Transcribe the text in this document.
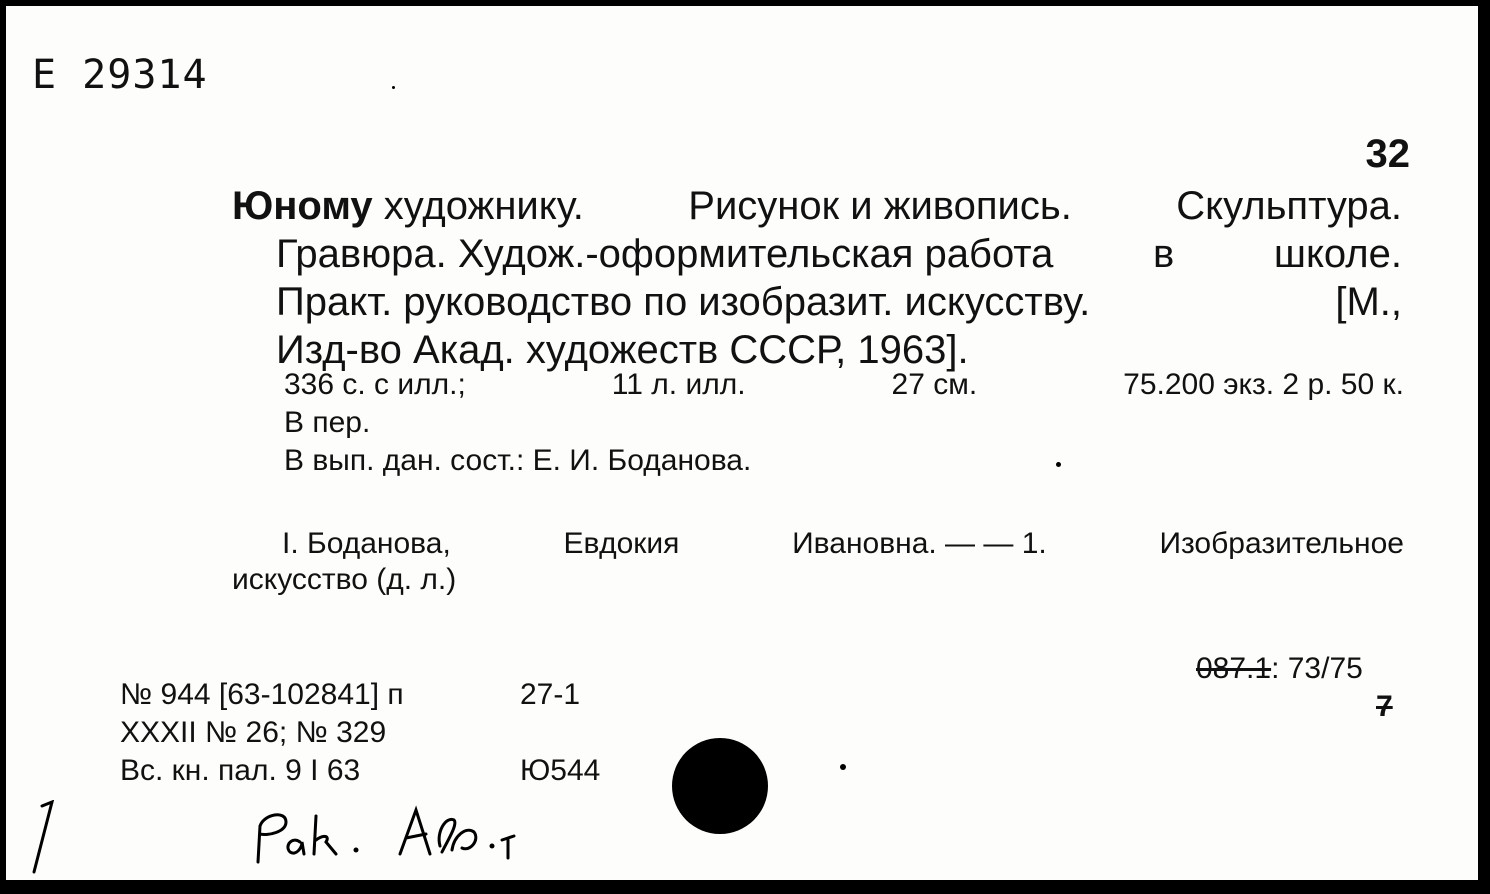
Е 29314
32
Юному художнику.	Рисунок и живопись.	Скульптура.
Гравюра. Худож.-оформительская работа в школе.
Практ. руководство по изобразит. искусству.	[М.,
Изд-во Акад. художеств СССР, 1963].
336 с. с илл.;	11 л. илл.	27 см.	75.200 экз. 2 р. 50 к.
В пер.
В вып. дан. сост.: Е. И. Боданова.
I. Боданова,	Евдокия	Ивановна. — — 1.	Изобразительное
искусство (д. л.)
№ 944 [63-102841] п	27-1
XXXII № 26; № 329
Вс. кн. пал. 9 I 63	Ю544
087.1: 73/75
7
